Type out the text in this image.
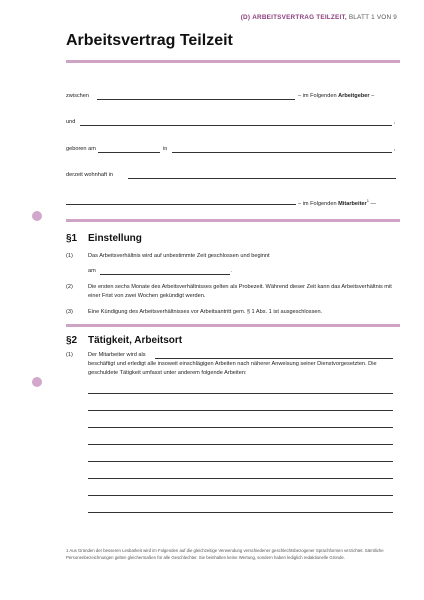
(D) ARBEITSVERTRAG TEILZEIT, BLATT 1 VON 9
Arbeitsvertrag Teilzeit
zwischen	– im Folgenden Arbeitgeber –
und	,
geboren am	in	,
derzeit wohnhaft in
– im Folgenden Mitarbeiter$^1$ —
§1 Einstellung
(1)	Das Arbeitsverhältnis wird auf unbestimmte Zeit geschlossen und beginnt
am	.
(2)	Die ersten sechs Monate des Arbeitsverhältnisses gelten als Probezeit. Während dieser Zeit kann das Arbeitsverhältnis mit einer Frist von zwei Wochen gekündigt werden.
(3)	Eine Kündigung des Arbeitsverhältnisses vor Arbeitsantritt gem. § 1 Abs. 1 ist ausgeschlossen.
§2 Tätigkeit, Arbeitsort
(1)	Der Mitarbeiter wird als
beschäftigt und erledigt alle insoweit einschlägigen Arbeiten nach näherer Anweisung seiner Dienstvorgesetzten. Die geschuldete Tätigkeit umfasst unter anderem folgende Arbeiten:
1 Aus Gründen der besseren Lesbarkeit wird im Folgenden auf die gleichzeitige Verwendung verschiedener geschlechtsbezogener Sprachformen verzichtet. Sämtliche Personenbezeichnungen gelten gleichermaßen für alle Geschlechter. Sie beinhalten keine Wertung, sondern haben lediglich redaktionelle Gründe.
